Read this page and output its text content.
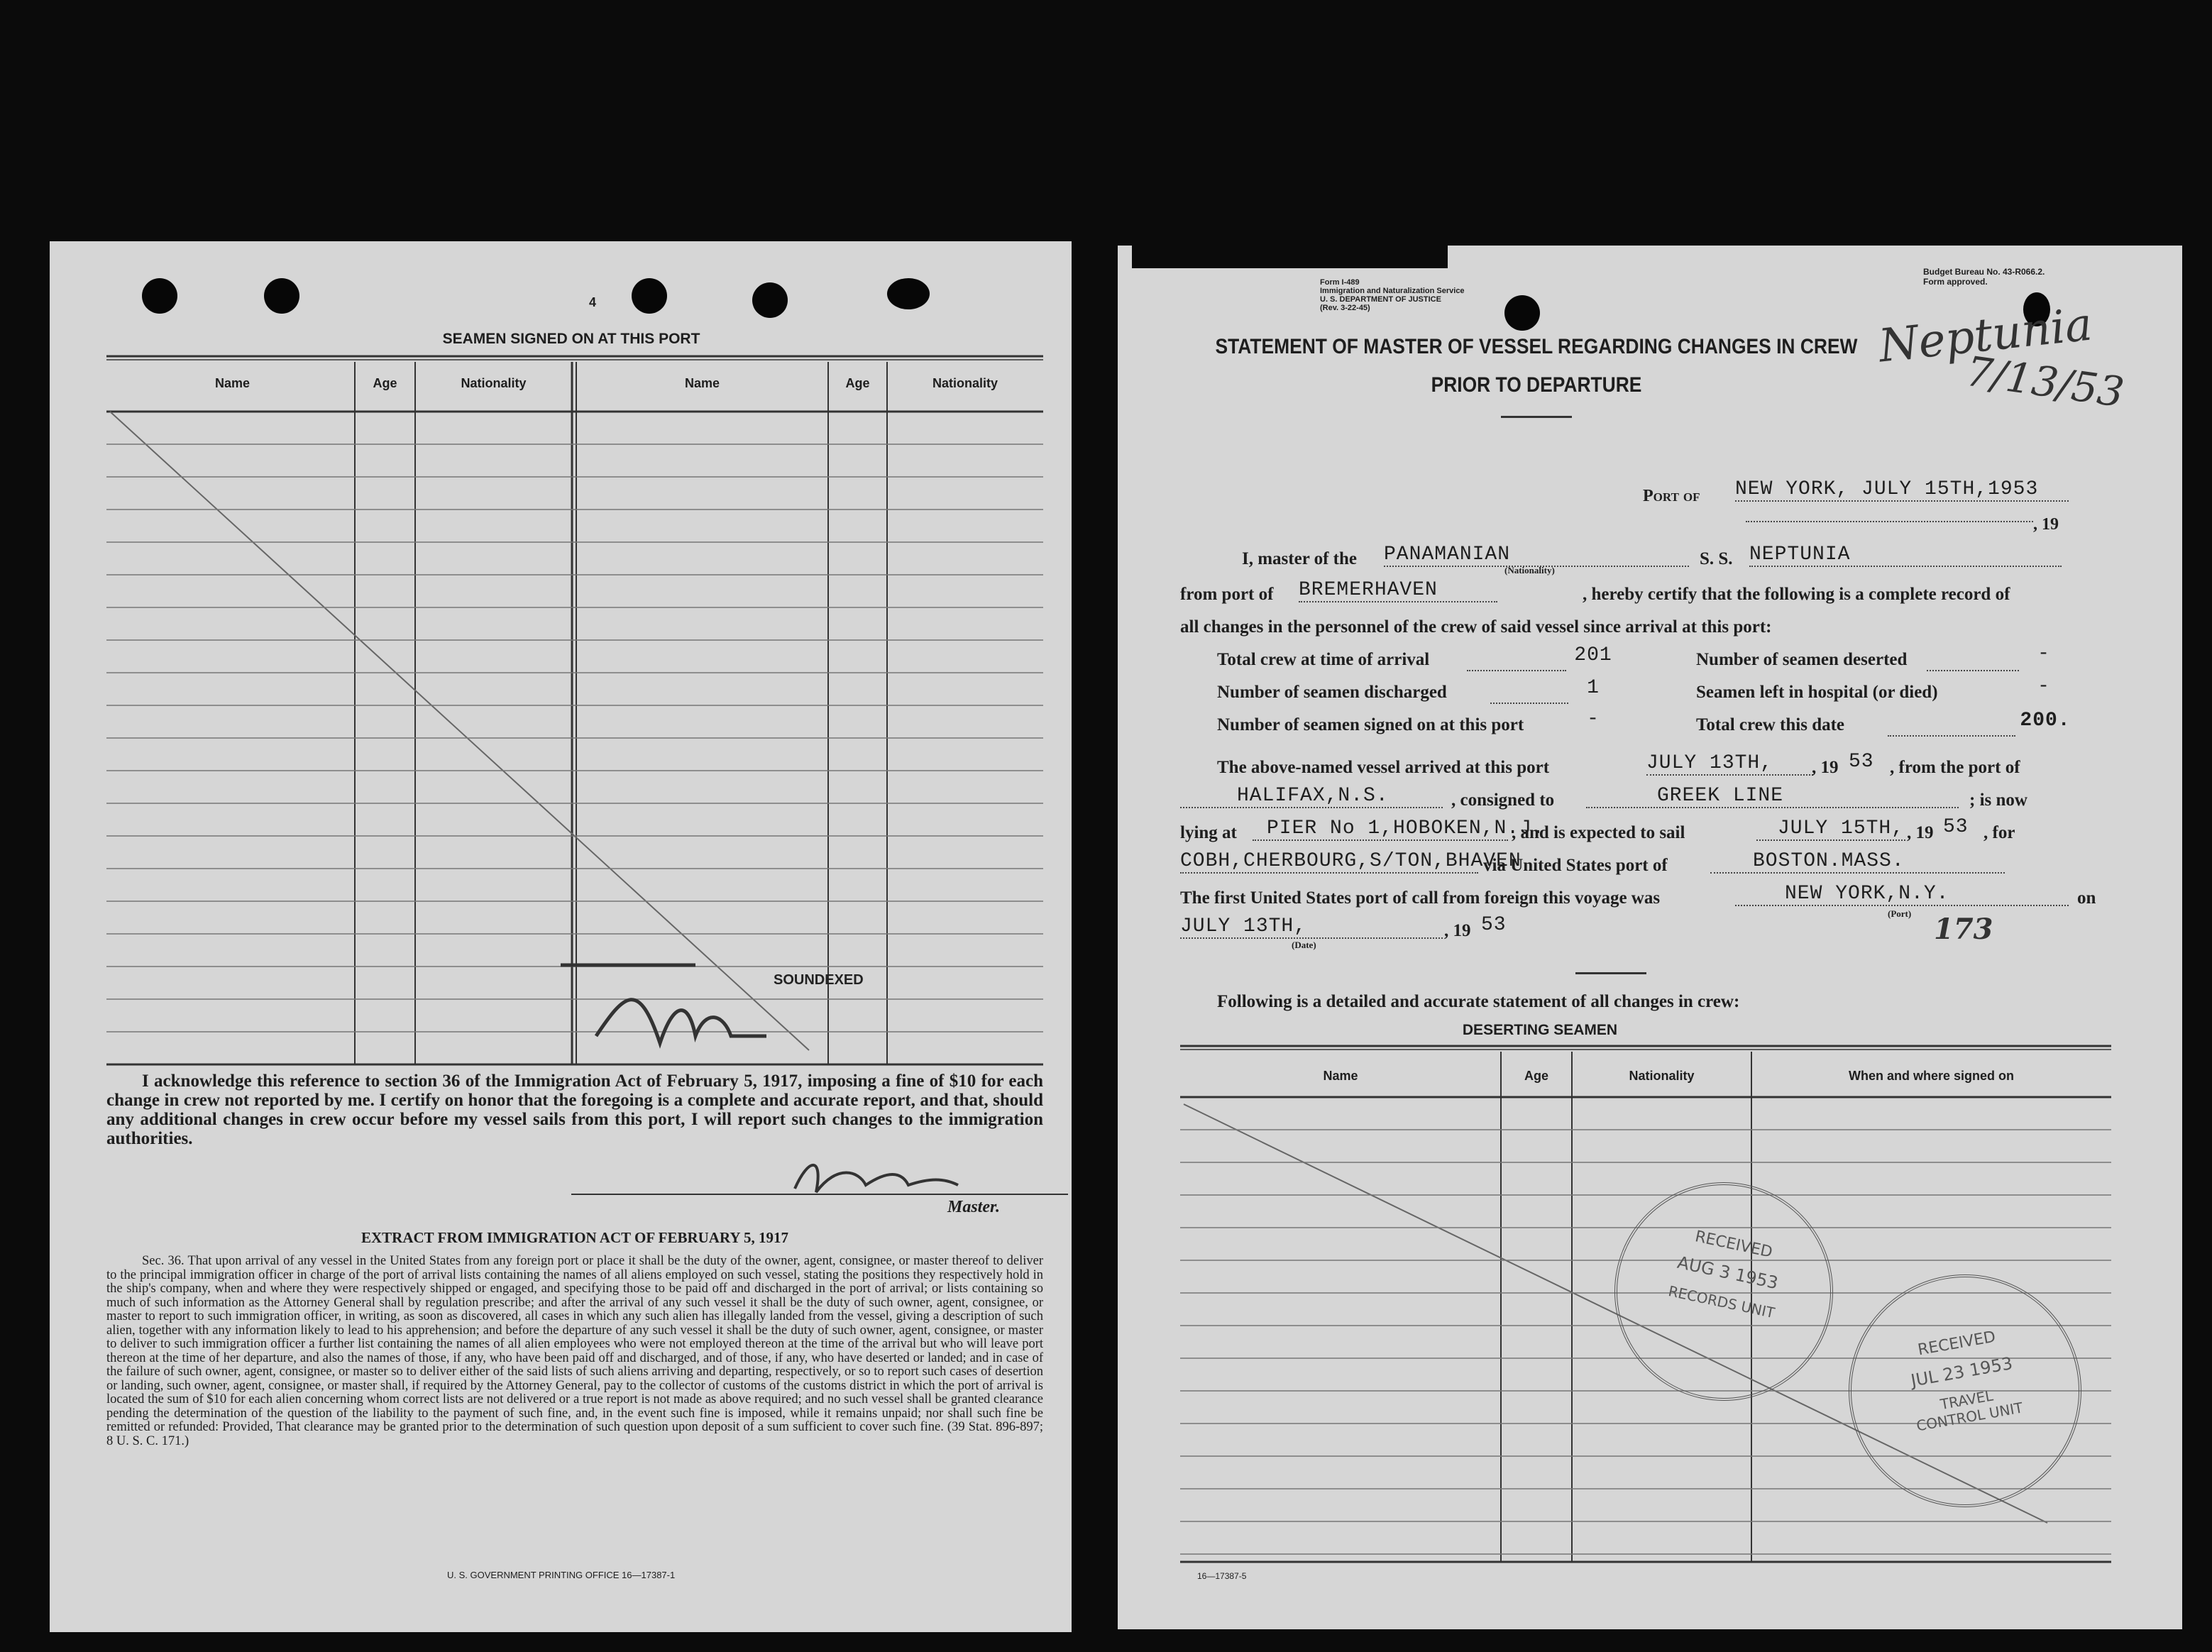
4
SEAMEN SIGNED ON AT THIS PORT
Name	Age	Nationality	Name	Age	Nationality
SOUNDEXED
I acknowledge this reference to section 36 of the Immigration Act of February 5, 1917, imposing a fine of $10 for each change in crew not reported by me. I certify on honor that the foregoing is a complete and accurate report, and that, should any additional changes in crew occur before my vessel sails from this port, I will report such changes to the immigration authorities.
Master.
EXTRACT FROM IMMIGRATION ACT OF FEBRUARY 5, 1917
Sec. 36. That upon arrival of any vessel in the United States from any foreign port or place it shall be the duty of the owner, agent, consignee, or master thereof to deliver to the principal immigration officer in charge of the port of arrival lists containing the names of all aliens employed on such vessel, stating the positions they respectively hold in the ship's company, when and where they were respectively shipped or engaged, and specifying those to be paid off and discharged in the port of arrival; or lists containing so much of such information as the Attorney General shall by regulation prescribe; and after the arrival of any such vessel it shall be the duty of such owner, agent, consignee, or master to report to such immigration officer, in writing, as soon as discovered, all cases in which any such alien has illegally landed from the vessel, giving a description of such alien, together with any information likely to lead to his apprehension; and before the departure of any such vessel it shall be the duty of such owner, agent, consignee, or master to deliver to such immigration officer a further list containing the names of all alien employees who were not employed thereon at the time of the arrival but who will leave port thereon at the time of her departure, and also the names of those, if any, who have been paid off and discharged, and of those, if any, who have deserted or landed; and in case of the failure of such owner, agent, consignee, or master so to deliver either of the said lists of such aliens arriving and departing, respectively, or so to report such cases of desertion or landing, such owner, agent, consignee, or master shall, if required by the Attorney General, pay to the collector of customs of the customs district in which the port of arrival is located the sum of $10 for each alien concerning whom correct lists are not delivered or a true report is not made as above required; and no such vessel shall be granted clearance pending the determination of the question of the liability to the payment of such fine, and, in the event such fine is imposed, while it remains unpaid; nor shall such fine be remitted or refunded: Provided, That clearance may be granted prior to the determination of such question upon deposit of a sum sufficient to cover such fine. (39 Stat. 896-897; 8 U. S. C. 171.)
U. S. GOVERNMENT PRINTING OFFICE 16—17387-1
Form I-489
Immigration and Naturalization Service
U. S. DEPARTMENT OF JUSTICE
(Rev. 3-22-45)
Budget Bureau No. 43-R066.2.
Form approved.
Neptunia
7/13/53
STATEMENT OF MASTER OF VESSEL REGARDING CHANGES IN CREW
PRIOR TO DEPARTURE
Port of NEW YORK, JULY 15TH,1953
, 19
I, master of the PANAMANIAN
(Nationality)
S. S. NEPTUNIA
from port of BREMERHAVEN	, hereby certify that the following is a complete record of
all changes in the personnel of the crew of said vessel since arrival at this port:
Total crew at time of arrival	201	Number of seamen deserted	-
Number of seamen discharged	1	Seamen left in hospital (or died)	-
Number of seamen signed on at this port	-	Total crew this date	200.
The above-named vessel arrived at this port	JULY 13TH,	, 19 53 , from the port of
HALIFAX,N.S.	, consigned to	GREEK LINE	; is now
lying at	PIER No 1,HOBOKEN,N.J.
, and is expected to sail	JULY 15TH, , 19 53 , for
COBH,CHERBOURG,S/TON,BHAVEN
via United States port of	BOSTON.MASS.
The first United States port of call from foreign this voyage was	NEW YORK,N.Y.	on
(Port)
JULY 13TH,
(Date)
, 19 53	173
Following is a detailed and accurate statement of all changes in crew:
DESERTING SEAMEN
Name	Age	Nationality	When and where signed on
RECEIVED
AUG 3 1953
RECORDS UNIT
RECEIVED
JUL 23 1953
TRAVEL CONTROL UNIT
16—17387-5
